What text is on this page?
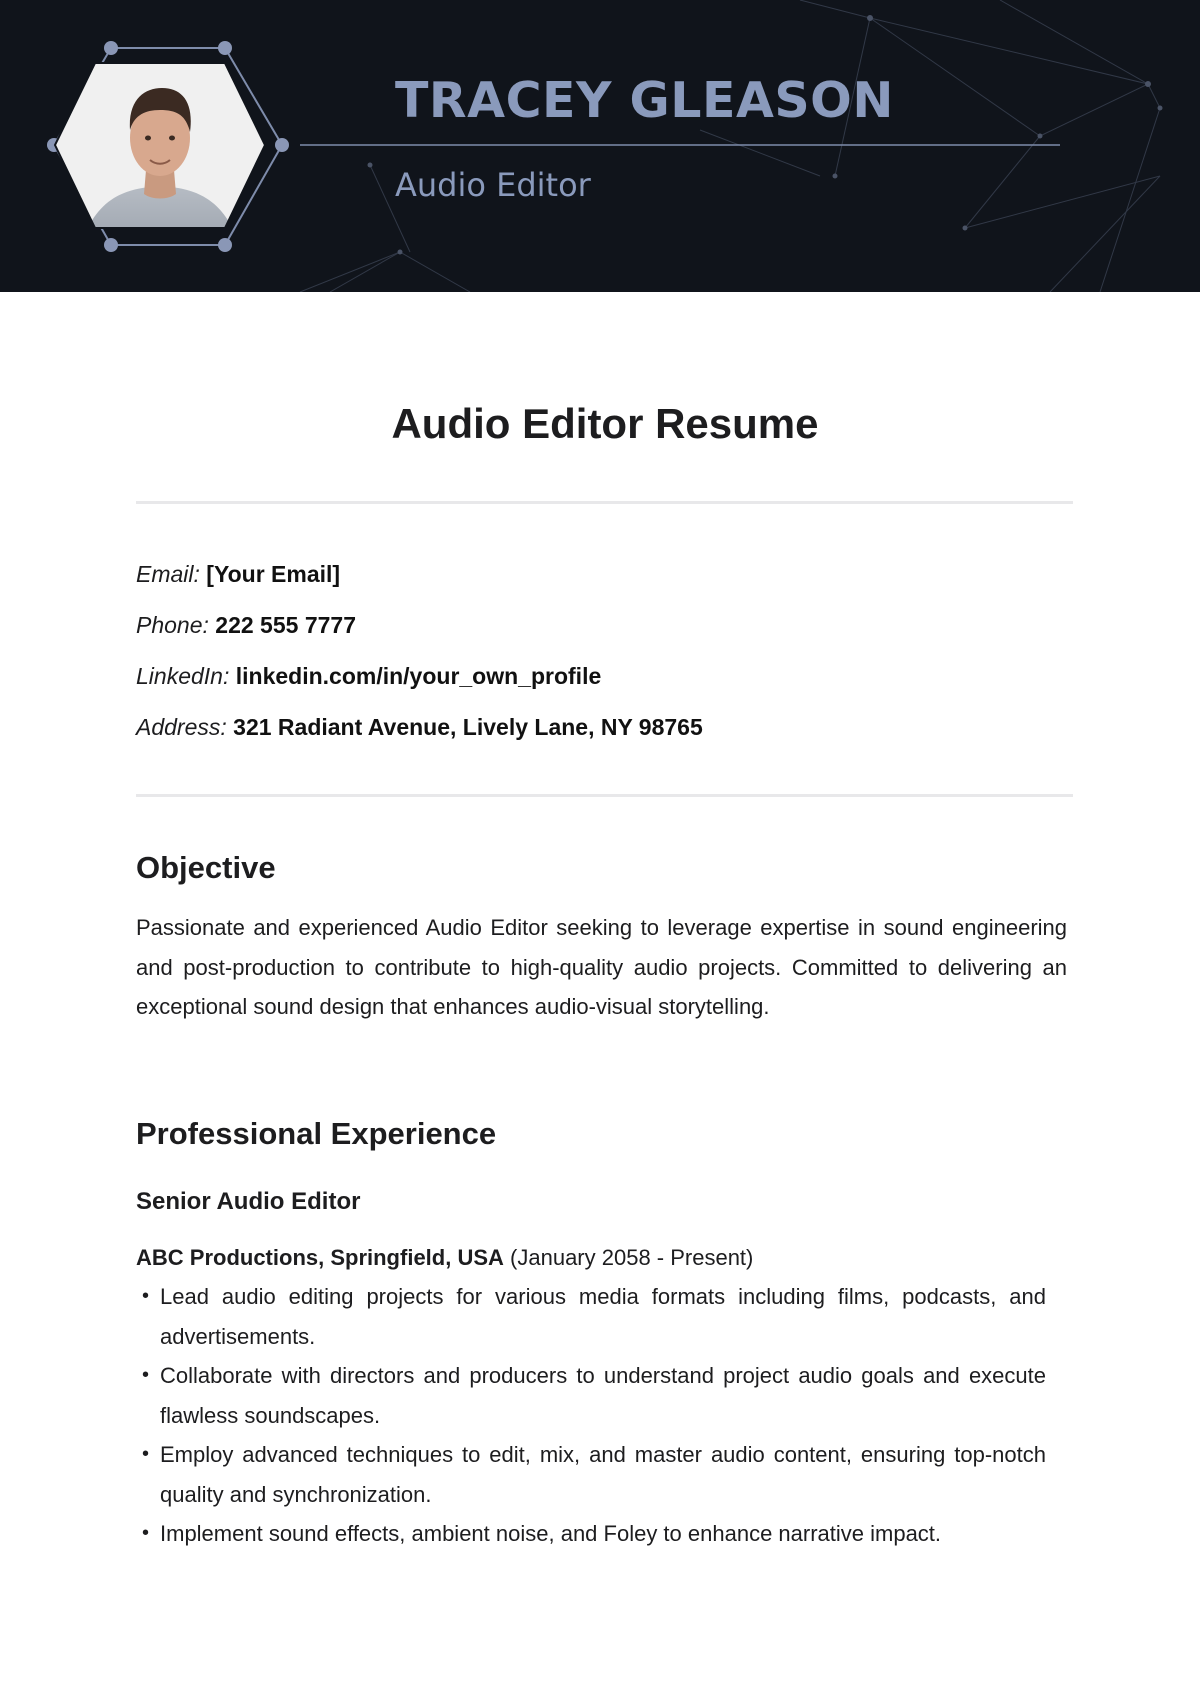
TRACEY GLEASON

Audio Editor

Audio Editor Resume
Email: [Your Email]
Phone: 222 555 7777
LinkedIn: linkedin.com/in/your_own_profile
Address: 321 Radiant Avenue, Lively Lane, NY 98765
Objective

Passionate and experienced Audio Editor seeking to leverage expertise in sound engineering and post-production to contribute to high-quality audio projects. Committed to delivering an exceptional sound design that enhances audio-visual storytelling.

Professional Experience

Senior Audio Editor

ABC Productions, Springfield, USA (January 2058 - Present)

• Lead audio editing projects for various media formats including films, podcasts, and advertisements.
• Collaborate with directors and producers to understand project audio goals and execute flawless soundscapes.
• Employ advanced techniques to edit, mix, and master audio content, ensuring top-notch quality and synchronization.
• Implement sound effects, ambient noise, and Foley to enhance narrative impact.
